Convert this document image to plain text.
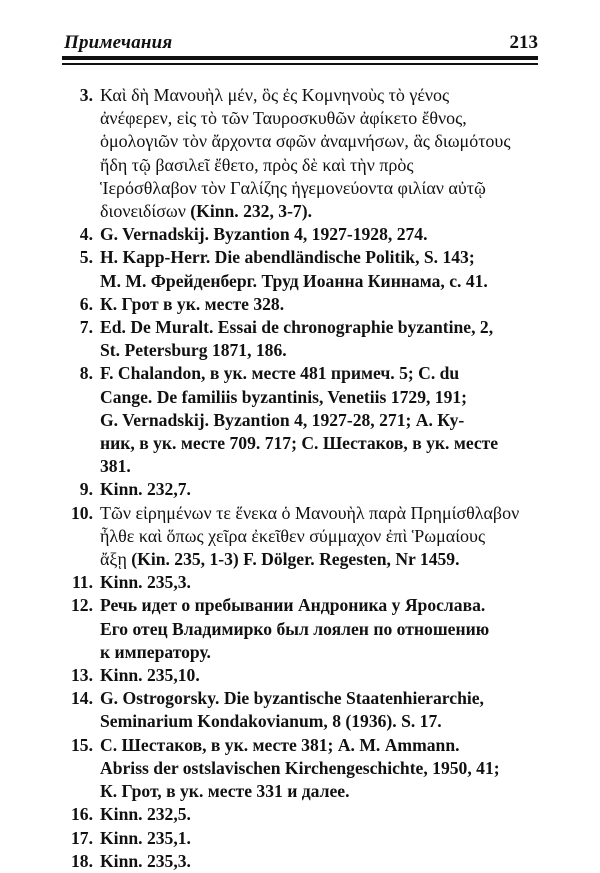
Примечания	213
3. Καὶ δὴ Μανουὴλ μέν, ὃς ἐς Κομνηνοὺς τὸ γένος
ἀνέφερεν, εἰς τὸ τῶν Ταυροσκυθῶν ἀφίκετο ἔθνος,
ὁμολογιῶν τὸν ἄρχοντα σφῶν ἀναμνήσων, ἃς διωμότους
ἤδη τῷ βασιλεῖ ἔθετο, πρὸς δὲ καὶ τὴν πρὸς
Ἱερόσθλαβον τὸν Γαλίζης ἡγεμονεύοντα φιλίαν αὐτῷ
διονειδίσων (Kinn. 232, 3-7).
4. G. Vernadskij. Byzantion 4, 1927-1928, 274.
5. H. Kapp-Herr. Die abendländische Politik, S. 143;
М. М. Фрейденберг. Труд Иоанна Киннама, с. 41.
6. К. Грот в ук. месте 328.
7. Ed. De Muralt. Essai de chronographie byzantine, 2,
St. Petersburg 1871, 186.
8. F. Chalandon, в ук. месте 481 примеч. 5; C. du
Cange. De familiis byzantinis, Venetiis 1729, 191;
G. Vernadskij. Byzantion 4, 1927-28, 271; А. Ку-
ник, в ук. месте 709. 717; С. Шестаков, в ук. месте
381.
9. Kinn. 232,7.
10. Τῶν εἰρημένων τε ἕνεκα ὁ Μανουὴλ παρὰ Πρημίσθλαβον
ἦλθε καὶ ὅπως χεῖρα ἐκεῖθεν σύμμαχον ἐπὶ Ῥωμαίους
ἄξῃ (Kin. 235, 1-3) F. Dölger. Regesten, Nr 1459.
11. Kinn. 235,3.
12. Речь идет о пребывании Андроника у Ярослава.
Его отец Владимирко был лоялен по отношению
к императору.
13. Kinn. 235,10.
14. G. Ostrogorsky. Die byzantische Staatenhierarchie,
Seminarium Kondakovianum, 8 (1936). S. 17.
15. С. Шестаков, в ук. месте 381; А. М. Ammann.
Abriss der ostslavischen Kirchengeschichte, 1950, 41;
К. Грот, в ук. месте 331 и далее.
16. Kinn. 232,5.
17. Kinn. 235,1.
18. Kinn. 235,3.
